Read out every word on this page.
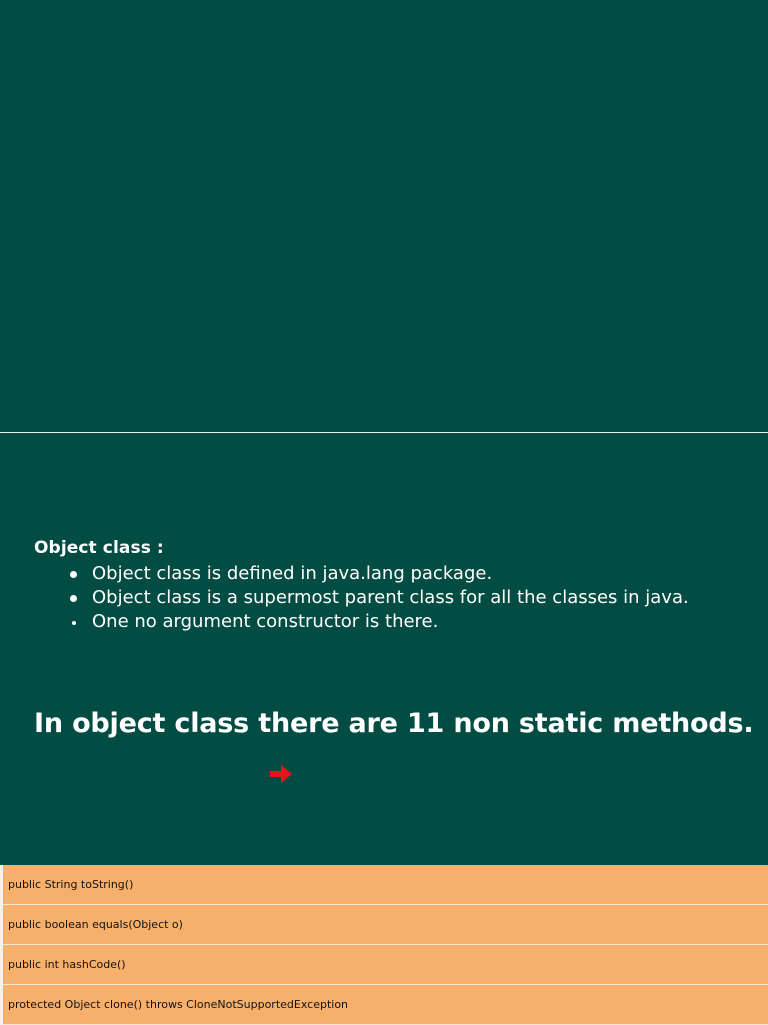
Object class :
Object class is defined in java.lang package.
Object class is a supermost parent class for all the classes in java.
One no argument constructor is there.
In object class there are 11 non static methods.
public String toString()
public boolean equals(Object o)
public int hashCode()
protected Object clone() throws CloneNotSupportedException
